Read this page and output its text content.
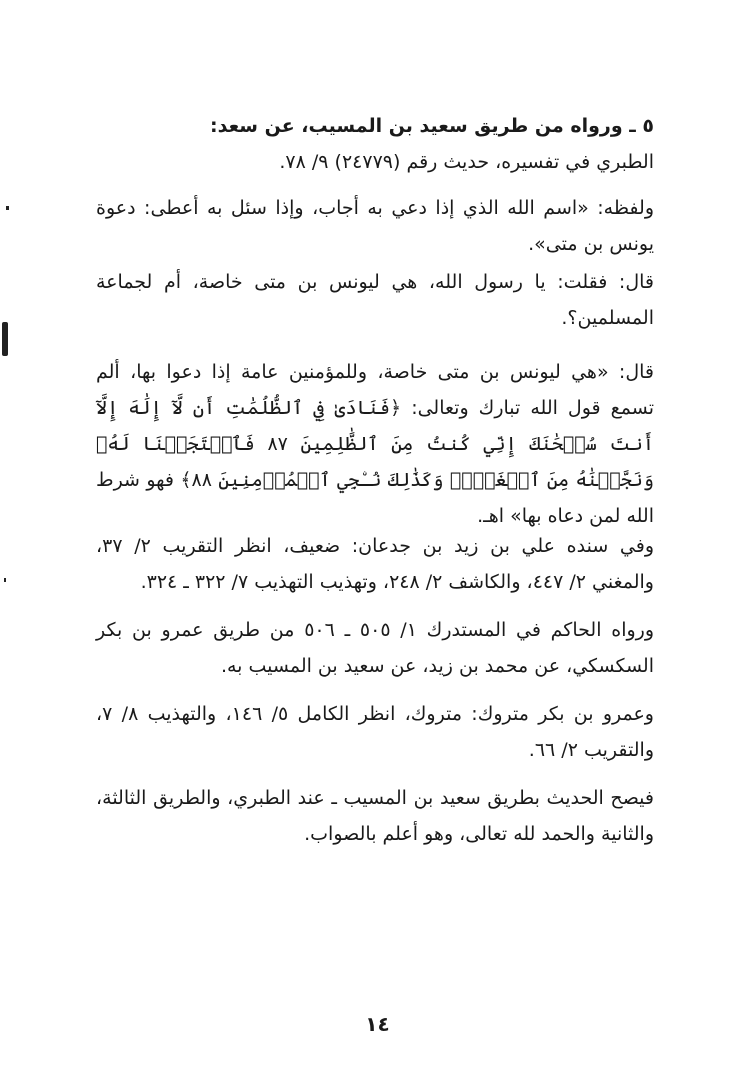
٥ ـ ورواه من طريق سعيد بن المسيب، عن سعد:
الطبري في تفسيره، حديث رقم (٢٤٧٧٩) ٩/ ٧٨.
ولفظه: «اسم الله الذي إذا دعي به أجاب، وإذا سئل به أعطى: دعوة يونس بن متى».
قال: فقلت: يا رسول الله، هي ليونس بن متى خاصة، أم لجماعة المسلمين؟.
قال: «هي ليونس بن متى خاصة، وللمؤمنين عامة إذا دعوا بها، ألم تسمع قول الله تبارك وتعالى: ﴿فَنَادَىٰ فِي ٱلظُّلُمَٰتِ أَن لَّآ إِلَٰهَ إِلَّآ أَنتَ سُبۡحَٰنَكَ إِنِّي كُنتُ مِنَ ٱلظَّٰلِمِينَ ٨٧ فَٱسۡتَجَبۡنَا لَهُۥ وَنَجَّيۡنَٰهُ مِنَ ٱلۡغَمِّۚ وَكَذَٰلِكَ نُـۨجِي ٱلۡمُؤۡمِنِينَ ٨٨﴾ فهو شرط الله لمن دعاه بها» اهـ.
وفي سنده علي بن زيد بن جدعان: ضعيف، انظر التقريب ٢/ ٣٧، والمغني ٢/ ٤٤٧، والكاشف ٢/ ٢٤٨، وتهذيب التهذيب ٧/ ٣٢٢ ـ ٣٢٤.
ورواه الحاكم في المستدرك ١/ ٥٠٥ ـ ٥٠٦ من طريق عمرو بن بكر السكسكي، عن محمد بن زيد، عن سعيد بن المسيب به.
وعمرو بن بكر متروك: متروك، انظر الكامل ٥/ ١٤٦، والتهذيب ٨/ ٧، والتقريب ٢/ ٦٦.
فيصح الحديث بطريق سعيد بن المسيب ـ عند الطبري، والطريق الثالثة، والثانية والحمد لله تعالى، وهو أعلم بالصواب.
١٤
